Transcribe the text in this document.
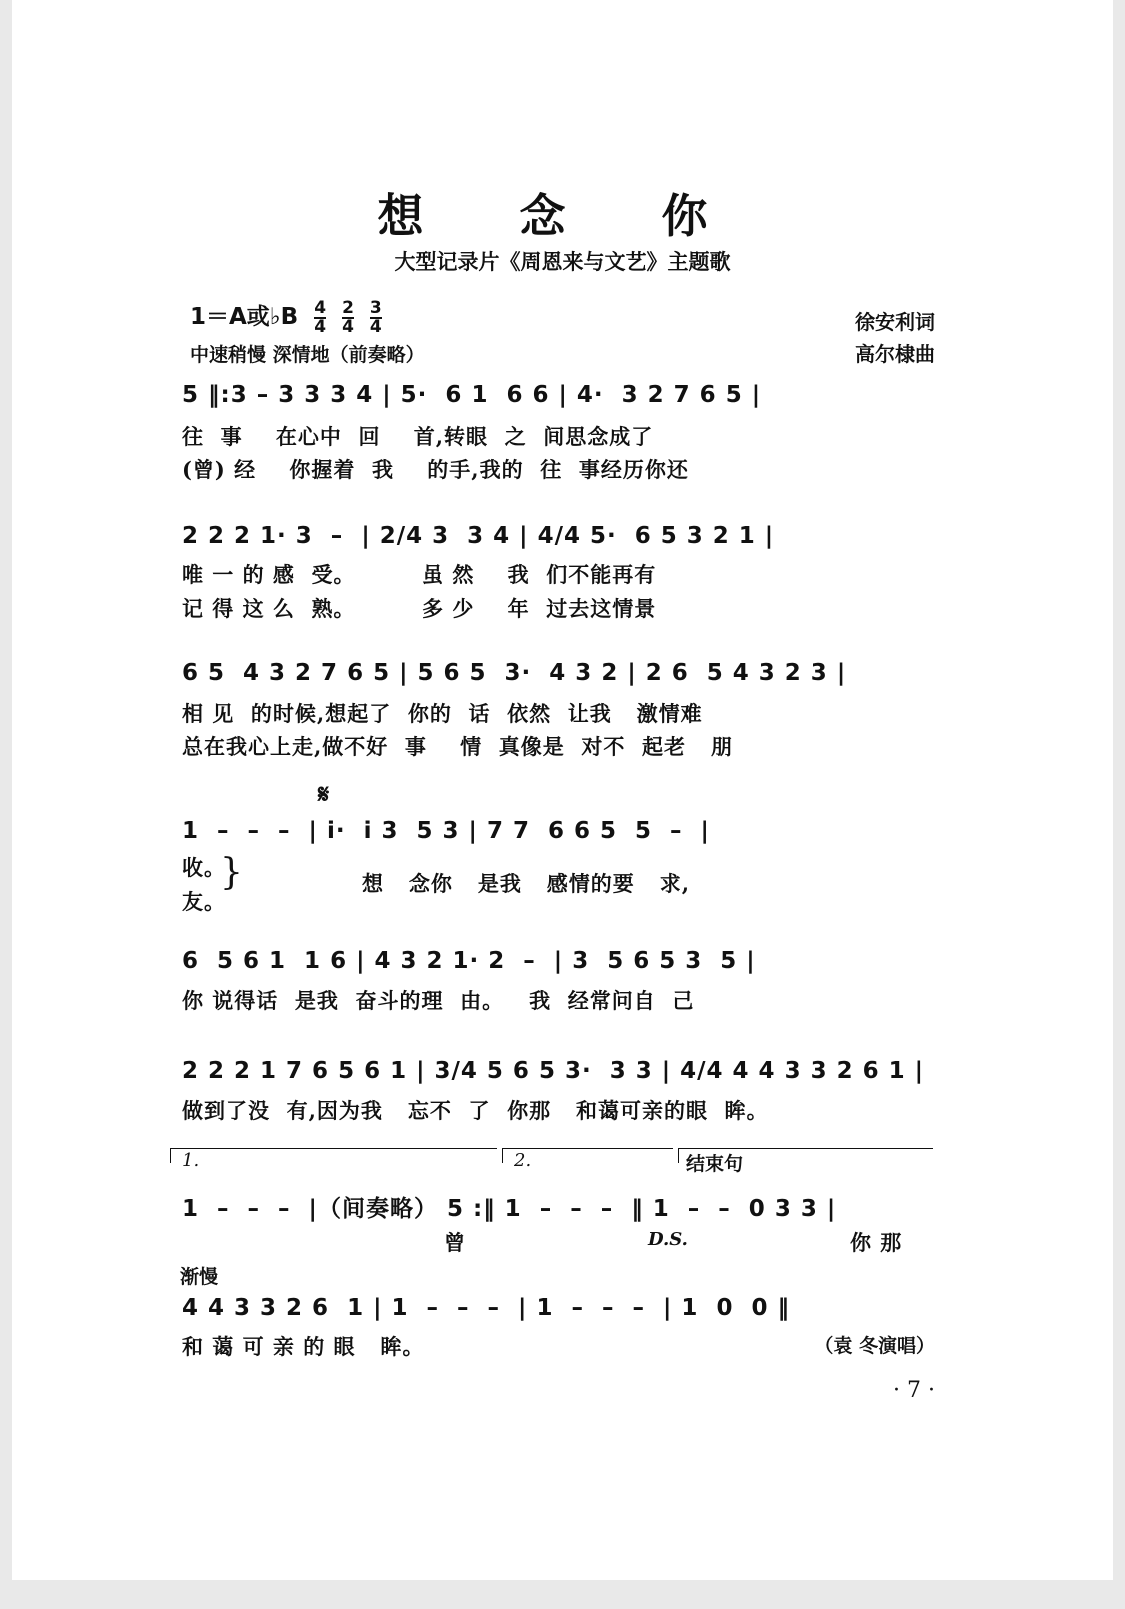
想 念 你
大型记录片《周恩来与文艺》主题歌
1＝A或♭B $\frac{4}{4}$
$\frac{2}{4}$
$\frac{3}{4}$	徐安利词
中速稍慢 深情地（前奏略）	高尔棣曲
5 ‖:3 – 3 3 3 4 | 5·  6 1  6 6 | 4·  3 2 7 6 5 |
往  事    在心中  回    首,转眼  之  间思念成了
(曾) 经    你握着  我    的手,我的  往  事经历你还
2 2 2 1· 3  –  | 2/4 3  3 4 | 4/4 5·  6 5 3 2 1 |
唯 一 的 感  受。        虽 然    我  们不能再有
记 得 这 么  熟。        多 少    年  过去这情景
6 5  4 3 2 7 6 5 | 5 6 5  3·  4 3 2 | 2 6  5 4 3 2 3 |
相 见  的时候,想起了  你的  话  依然  让我   激情难
总在我心上走,做不好  事    情  真像是  对不  起老   朋
𝄋
1  –  –  –  | i·  i 3  5 3 | 7 7  6 6 5  5  –  |
收。
友。
}	想   念你   是我   感情的要   求,
6  5 6 1  1 6 | 4 3 2 1· 2  –  | 3  5 6 5 3  5 |
你 说得话  是我  奋斗的理  由。   我  经常问自  己
2 2 2 1 7 6 5 6 1 | 3/4 5 6 5 3·  3 3 | 4/4 4 4 3 3 2 6 1 |
做到了没  有,因为我   忘不  了  你那   和蔼可亲的眼  眸。
1.	2.	结束句
1  –  –  –  |（间奏略） 5 :‖ 1  –  –  –  ‖ 1  –  –  0 3 3 |
曾	D.S.	你 那
渐慢
4 4 3 3 2 6  1 | 1  –  –  –  | 1  –  –  –  | 1  0  0 ‖
和 蔼 可 亲 的 眼   眸。	（袁 冬演唱）
· 7 ·
